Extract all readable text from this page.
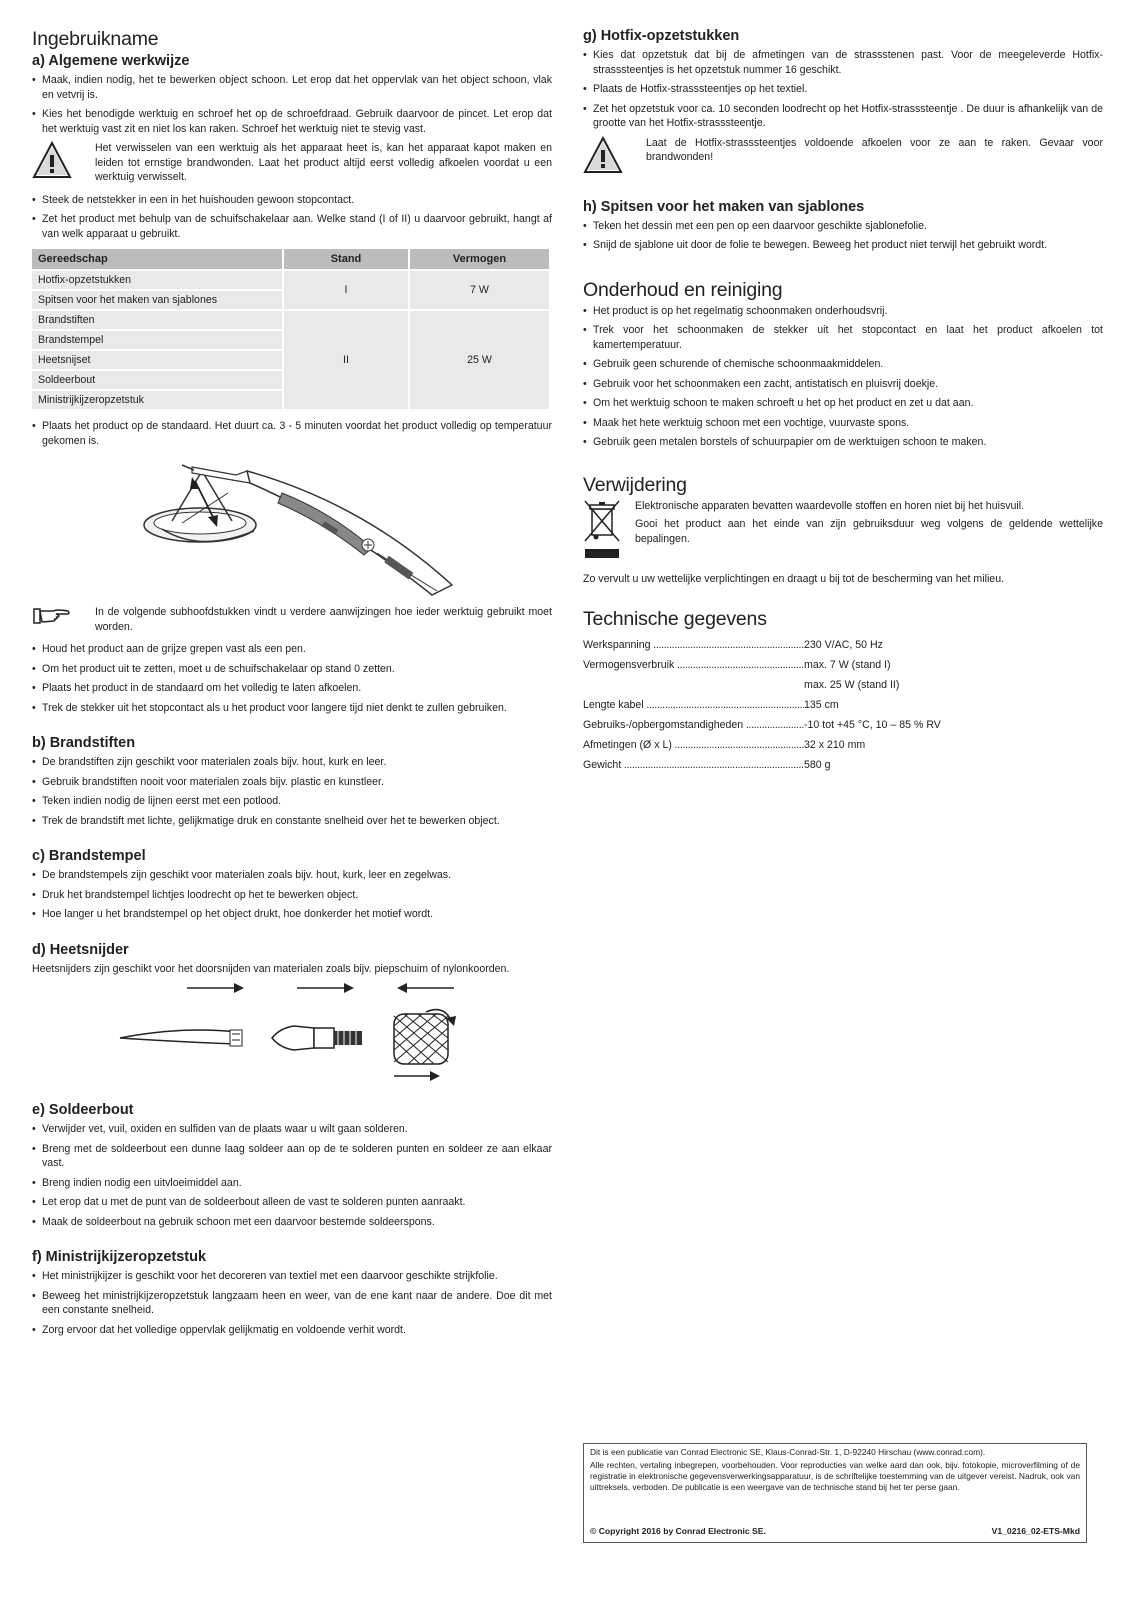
Ingebruikname
a) Algemene werkwijze
• Maak, indien nodig, het te bewerken object schoon. Let erop dat het oppervlak van het object schoon, vlak en vetvrij is.
• Kies het benodigde werktuig en schroef het op de schroefdraad. Gebruik daarvoor de pincet. Let erop dat het werktuig vast zit en niet los kan raken. Schroef het werktuig niet te stevig vast.

Het verwisselen van een werktuig als het apparaat heet is, kan het apparaat kapot maken en leiden tot ernstige brandwonden. Laat het product altijd eerst volledig afkoelen voordat u een werktuig verwisselt.

• Steek de netstekker in een in het huishouden gewoon stopcontact.
• Zet het product met behulp van de schuifschakelaar aan. Welke stand (I of II) u daarvoor gebruikt, hangt af van welk apparaat u gebruikt.
Gereedschap	Stand	Vermogen
Hotfix-opzetstukken	I	7 W
Spitsen voor het maken van sjablones		
Brandstiften	II	25 W
Brandstempel		
Heetsnijset		
Soldeerbout		
Ministrijkijzeropzetstuk		
• Plaats het product op de standaard. Het duurt ca. 3 - 5 minuten voordat het product volledig op temperatuur gekomen is.

In de volgende subhoofdstukken vindt u verdere aanwijzingen hoe ieder werktuig gebruikt moet worden.

• Houd het product aan de grijze grepen vast als een pen.
• Om het product uit te zetten, moet u de schuifschakelaar op stand 0 zetten.
• Plaats het product in de standaard om het volledig te laten afkoelen.
• Trek de stekker uit het stopcontact als u het product voor langere tijd niet denkt te zullen gebruiken.
b) Brandstiften
• De brandstiften zijn geschikt voor materialen zoals bijv. hout, kurk en leer.
• Gebruik brandstiften nooit voor materialen zoals bijv. plastic en kunstleer.
• Teken indien nodig de lijnen eerst met een potlood.
• Trek de brandstift met lichte, gelijkmatige druk en constante snelheid over het te bewerken object.
c) Brandstempel
• De brandstempels zijn geschikt voor materialen zoals bijv. hout, kurk, leer en zegelwas.
• Druk het brandstempel lichtjes loodrecht op het te bewerken object.
• Hoe langer u het brandstempel op het object drukt, hoe donkerder het motief wordt.
d) Heetsnijder

Heetsnijders zijn geschikt voor het doorsnijden van materialen zoals bijv. piepschuim of nylonkoorden.

e) Soldeerbout
• Verwijder vet, vuil, oxiden en sulfiden van de plaats waar u wilt gaan solderen.
• Breng met de soldeerbout een dunne laag soldeer aan op de te solderen punten en soldeer ze aan elkaar vast.
• Breng indien nodig een uitvloeimiddel aan.
• Let erop dat u met de punt van de soldeerbout alleen de vast te solderen punten aanraakt.
• Maak de soldeerbout na gebruik schoon met een daarvoor bestemde soldeerspons.
f) Ministrijkijzeropzetstuk
• Het ministrijkijzer is geschikt voor het decoreren van textiel met een daarvoor geschikte strijkfolie.
• Beweeg het ministrijkijzeropzetstuk langzaam heen en weer, van de ene kant naar de andere. Doe dit met een constante snelheid.
• Zorg ervoor dat het volledige oppervlak gelijkmatig en voldoende verhit wordt.
g) Hotfix-opzetstukken
• Kies dat opzetstuk dat bij de afmetingen van de strassstenen past. Voor de meegeleverde Hotfix-strasssteentjes is het opzetstuk nummer 16 geschikt.
• Plaats de Hotfix-strasssteentjes op het textiel.
• Zet het opzetstuk voor ca. 10 seconden loodrecht op het Hotfix-strasssteentje . De duur is afhankelijk van de grootte van het Hotfix-strasssteentje.

Laat de Hotfix-strasssteentjes voldoende afkoelen voor ze aan te raken. Gevaar voor brandwonden!

h) Spitsen voor het maken van sjablones
• Teken het dessin met een pen op een daarvoor geschikte sjablonefolie.
• Snijd de sjablone uit door de folie te bewegen. Beweeg het product niet terwijl het gebruikt wordt.
Onderhoud en reiniging
• Het product is op het regelmatig schoonmaken onderhoudsvrij.
• Trek voor het schoonmaken de stekker uit het stopcontact en laat het product afkoelen tot kamertemperatuur.
• Gebruik geen schurende of chemische schoonmaakmiddelen.
• Gebruik voor het schoonmaken een zacht, antistatisch en pluisvrij doekje.
• Om het werktuig schoon te maken schroeft u het op het product en zet u dat aan.
• Maak het hete werktuig schoon met een vochtige, vuurvaste spons.
• Gebruik geen metalen borstels of schuurpapier om de werktuigen schoon te maken.
Verwijdering

Elektronische apparaten bevatten waardevolle stoffen en horen niet bij het huisvuil.

Gooi het product aan het einde van zijn gebruiksduur weg volgens de geldende wettelijke bepalingen.

Zo vervult u uw wettelijke verplichtingen en draagt u bij tot de bescherming van het milieu.

Technische gegevens
Werkspanning .....	230 V/AC, 50 Hz
Vermogensverbruik .....	max. 7 W (stand I)
max. 25 W (stand II)
Lengte kabel .....	135 cm
Gebruiks-/opbergomstandigheden .....	-10 tot +45 °C, 10 – 85 % RV
Afmetingen (Ø x L) .....	32 x 210 mm
Gewicht .....	580 g

Dit is een publicatie van Conrad Electronic SE, Klaus-Conrad-Str. 1, D-92240 Hirschau (www.conrad.com).

Alle rechten, vertaling inbegrepen, voorbehouden. Voor reproducties van welke aard dan ook, bijv. fotokopie, microverfilming of de registratie in elektronische gegevensverwerkingsapparatuur, is de schriftelijke toestemming van de uitgever vereist. Nadruk, ook van uittreksels, verboden. De publicatie is een weergave van de technische stand bij het ter perse gaan.

© Copyright 2016 by Conrad Electronic SE.	V1_0216_02-ETS-Mkd
